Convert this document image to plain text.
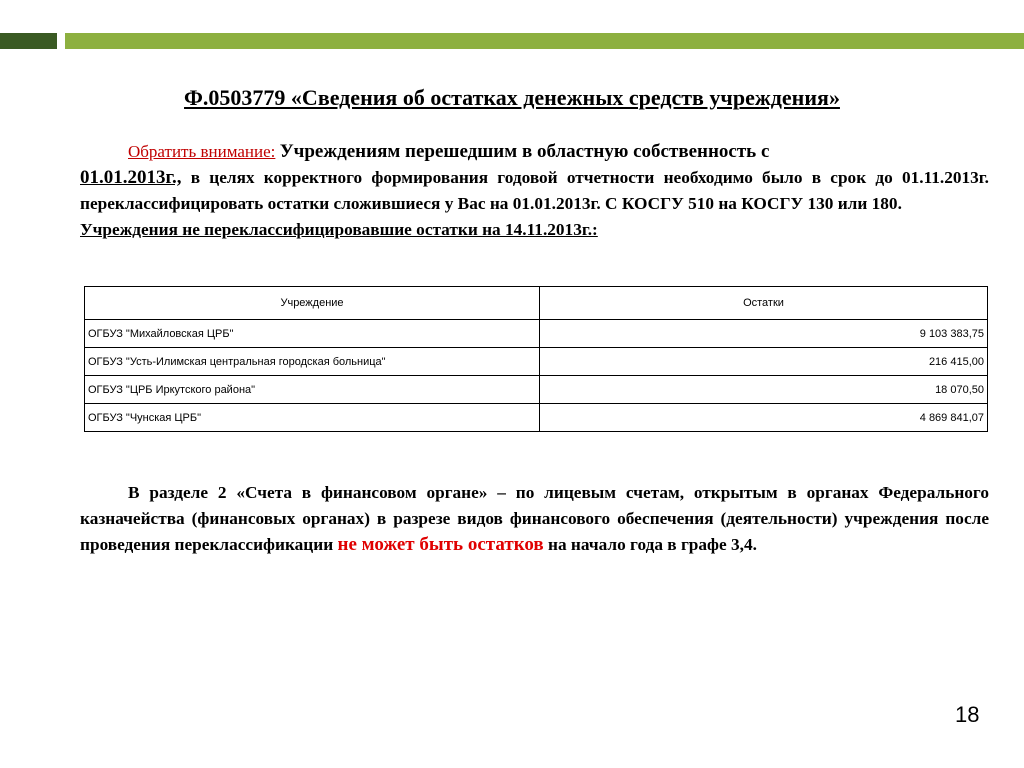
Ф.0503779 «Сведения об остатках денежных средств учреждения»
Обратить внимание: Учреждениям перешедшим в областную собственность с
01.01.2013г., в целях корректного формирования годовой отчетности необходимо было в срок до 01.11.2013г. переклассифицировать остатки сложившиеся у Вас на 01.01.2013г. С КОСГУ 510 на КОСГУ 130 или 180.
Учреждения не переклассифицировавшие остатки на 14.11.2013г.:
Учреждение	Остатки
ОГБУЗ "Михайловская ЦРБ"	9 103 383,75
ОГБУЗ "Усть-Илимская центральная городская больница"	216 415,00
ОГБУЗ "ЦРБ Иркутского района"	18 070,50
ОГБУЗ "Чунская ЦРБ"	4 869 841,07
В разделе 2 «Счета в финансовом органе» – по лицевым счетам, открытым в органах Федерального казначейства (финансовых органах) в разрезе видов финансового обеспечения (деятельности) учреждения после проведения переклассификации не может быть остатков на начало года в графе 3,4.
18
